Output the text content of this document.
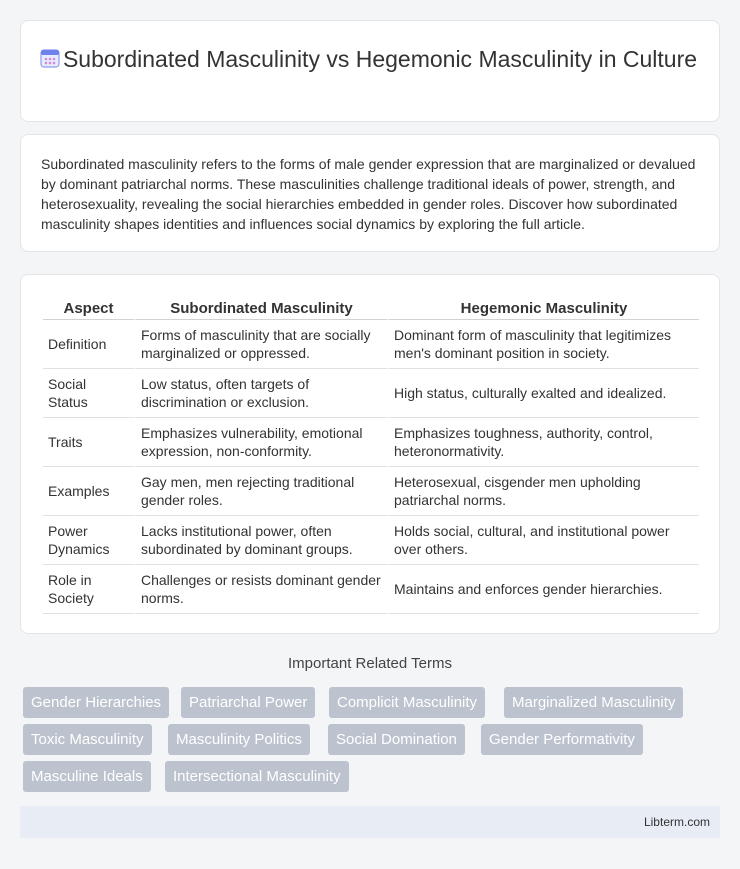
Subordinated Masculinity vs Hegemonic Masculinity in Culture

Subordinated masculinity refers to the forms of male gender expression that are marginalized or devalued by dominant patriarchal norms. These masculinities challenge traditional ideals of power, strength, and heterosexuality, revealing the social hierarchies embedded in gender roles. Discover how subordinated masculinity shapes identities and influences social dynamics by exploring the full article.

Aspect	Subordinated Masculinity	Hegemonic Masculinity
Definition	Forms of masculinity that are socially marginalized or oppressed.	Dominant form of masculinity that legitimizes men's dominant position in society.
Social Status	Low status, often targets of discrimination or exclusion.	High status, culturally exalted and idealized.
Traits	Emphasizes vulnerability, emotional expression, non-conformity.	Emphasizes toughness, authority, control, heteronormativity.
Examples	Gay men, men rejecting traditional gender roles.	Heterosexual, cisgender men upholding patriarchal norms.
Power Dynamics	Lacks institutional power, often subordinated by dominant groups.	Holds social, cultural, and institutional power over others.
Role in Society	Challenges or resists dominant gender norms.	Maintains and enforces gender hierarchies.
Important Related Terms
Gender Hierarchies	Patriarchal Power	Complicit Masculinity	Marginalized Masculinity
Toxic Masculinity	Masculinity Politics	Social Domination	Gender Performativity
Masculine Ideals	Intersectional Masculinity
Libterm.com
